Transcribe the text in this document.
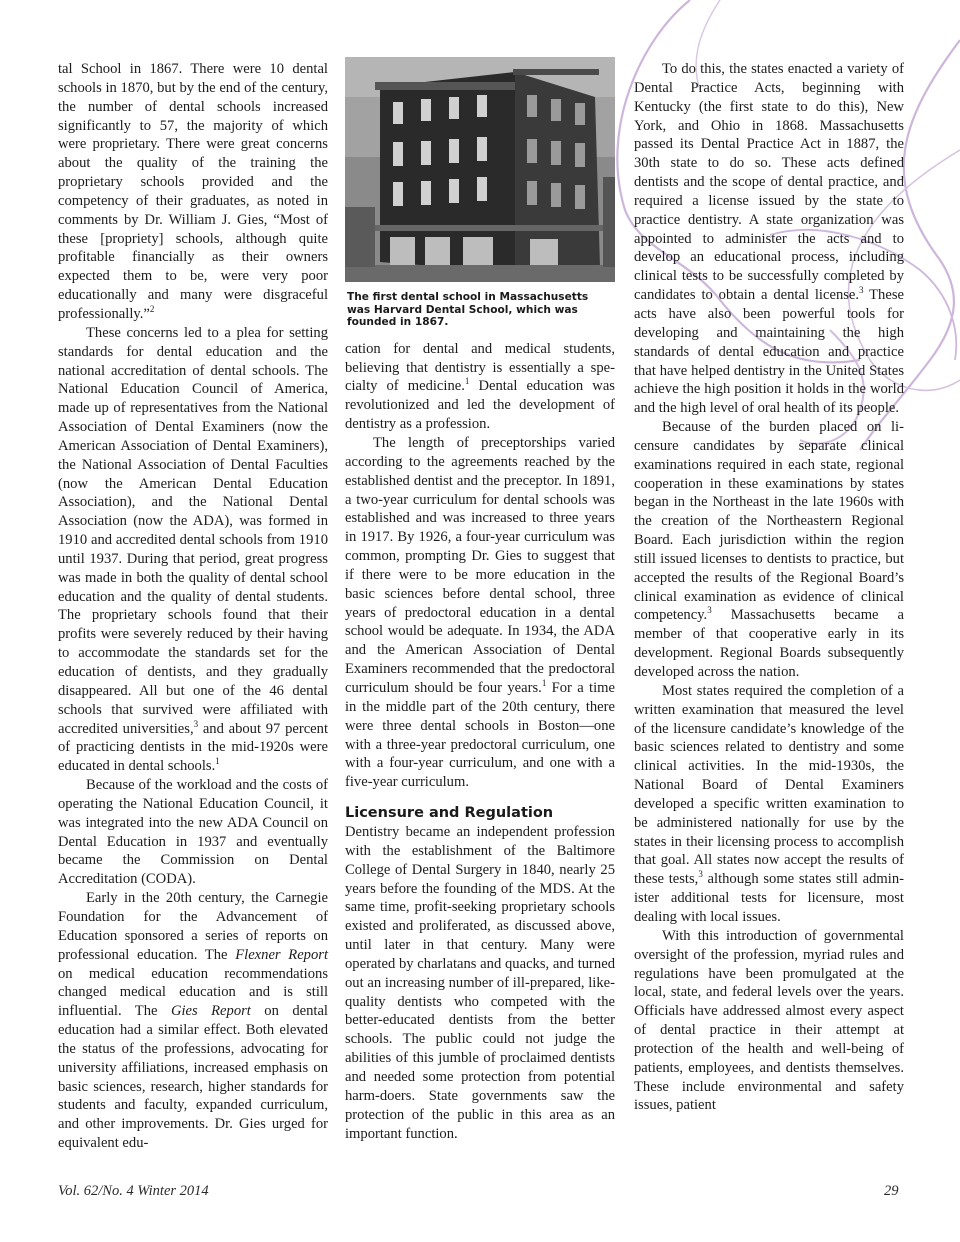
tal School in 1867. There were 10 dental schools in 1870, but by the end of the century, the number of dental schools increased significantly to 57, the majority of which were proprietary. There were great concerns about the quality of the training the proprietary schools provided and the competency of their graduates, as noted in comments by Dr. William J. Gies, “Most of these [propriety] schools, although quite profitable financially as their owners expected them to be, were very poor educationally and many were disgraceful professionally.”$^2$

These concerns led to a plea for setting standards for dental education and the national accreditation of dental schools. The National Education Council of America, made up of representatives from the National Association of Dental Examiners (now the American Association of Dental Examiners), the National Association of Dental Faculties (now the American Dental Education Association), and the National Dental Association (now the ADA), was formed in 1910 and accredited dental schools from 1910 until 1937. During that period, great progress was made in both the quality of dental school education and the quality of dental students. The proprietary schools found that their profits were severely reduced by their having to accommodate the standards set for the education of dentists, and they gradually disappeared. All but one of the 46 dental schools that survived were affiliated with accredited universities,$^3$ and about 97 percent of practicing dentists in the mid-1920s were educated in dental schools.$^1$

Because of the workload and the costs of operating the National Education Council, it was integrated into the new ADA Council on Dental Education in 1937 and eventually became the Commission on Dental Accreditation (CODA).

Early in the 20th century, the Carnegie Foundation for the Advancement of Education sponsored a series of reports on professional education. The Flexner Report on medical education recommendations changed medical education and is still influential. The Gies Report on dental education had a similar effect. Both elevated the status of the professions, advocating for university affiliations, increased emphasis on basic sciences, research, higher standards for students and faculty, expanded curriculum, and other improvements. Dr. Gies urged for equivalent edu-

The first dental school in Massachusetts was Harvard Dental School, which was founded in 1867.

cation for dental and medical students, believing that dentistry is essentially a specialty of medicine.$^1$ Dental education was revolutionized and led the development of dentistry as a profession.

The length of preceptorships varied according to the agreements reached by the established dentist and the preceptor. In 1891, a two-year curriculum for dental schools was established and was increased to three years in 1917. By 1926, a four-year curriculum was common, prompting Dr. Gies to suggest that if there were to be more education in the basic sciences before dental school, three years of predoctoral education in a dental school would be adequate. In 1934, the ADA and the American Association of Dental Examiners recommended that the predoctoral curriculum should be four years.$^1$ For a time in the middle part of the 20th century, there were three dental schools in Boston—one with a three-year predoctoral curriculum, one with a four-year curriculum, and one with a five-year curriculum.

Licensure and Regulation

Dentistry became an independent profession with the establishment of the Baltimore College of Dental Surgery in 1840, nearly 25 years before the founding of the MDS. At the same time, profit-seeking proprietary schools existed and proliferated, as discussed above, until later in that century. Many were operated by charlatans and quacks, and turned out an increasing number of ill-prepared, like-quality dentists who competed with the better-educated dentists from the better schools. The public could not judge the abilities of this jumble of proclaimed dentists and needed some protection from potential harm-doers. State governments saw the protection of the public in this area as an important function.

To do this, the states enacted a variety of Dental Practice Acts, beginning with Kentucky (the first state to do this), New York, and Ohio in 1868. Massachusetts passed its Dental Practice Act in 1887, the 30th state to do so. These acts defined dentists and the scope of dental practice, and required a license issued by the state to practice dentistry. A state organization was appointed to administer the acts and to develop an educational process, including clinical tests to be successfully completed by candidates to obtain a dental license.$^3$ These acts have also been powerful tools for developing and maintaining the high standards of dental education and practice that have helped dentistry in the United States achieve the high position it holds in the world and the high level of oral health of its people.

Because of the burden placed on licensure candidates by separate clinical examinations required in each state, regional cooperation in these examinations by states began in the Northeast in the late 1960s with the creation of the Northeastern Regional Board. Each jurisdiction within the region still issued licenses to dentists to practice, but accepted the results of the Regional Board’s clinical examination as evidence of clinical competency.$^3$ Massachusetts became a member of that cooperative early in its development. Regional Boards subsequently developed across the nation.

Most states required the completion of a written examination that measured the level of the licensure candidate’s knowledge of the basic sciences related to dentistry and some clinical activities. In the mid-1930s, the National Board of Dental Examiners developed a specific written examination to be administered nationally for use by the states in their licensing process to accomplish that goal. All states now accept the results of these tests,$^3$ although some states still administer additional tests for licensure, most dealing with local issues.

With this introduction of governmental oversight of the profession, myriad rules and regulations have been promulgated at the local, state, and federal levels over the years. Officials have addressed almost every aspect of dental practice in their attempt at protection of the health and well-being of patients, employees, and dentists themselves. These include environmental and safety issues, patient

Vol. 62/No. 4 Winter 2014	29
